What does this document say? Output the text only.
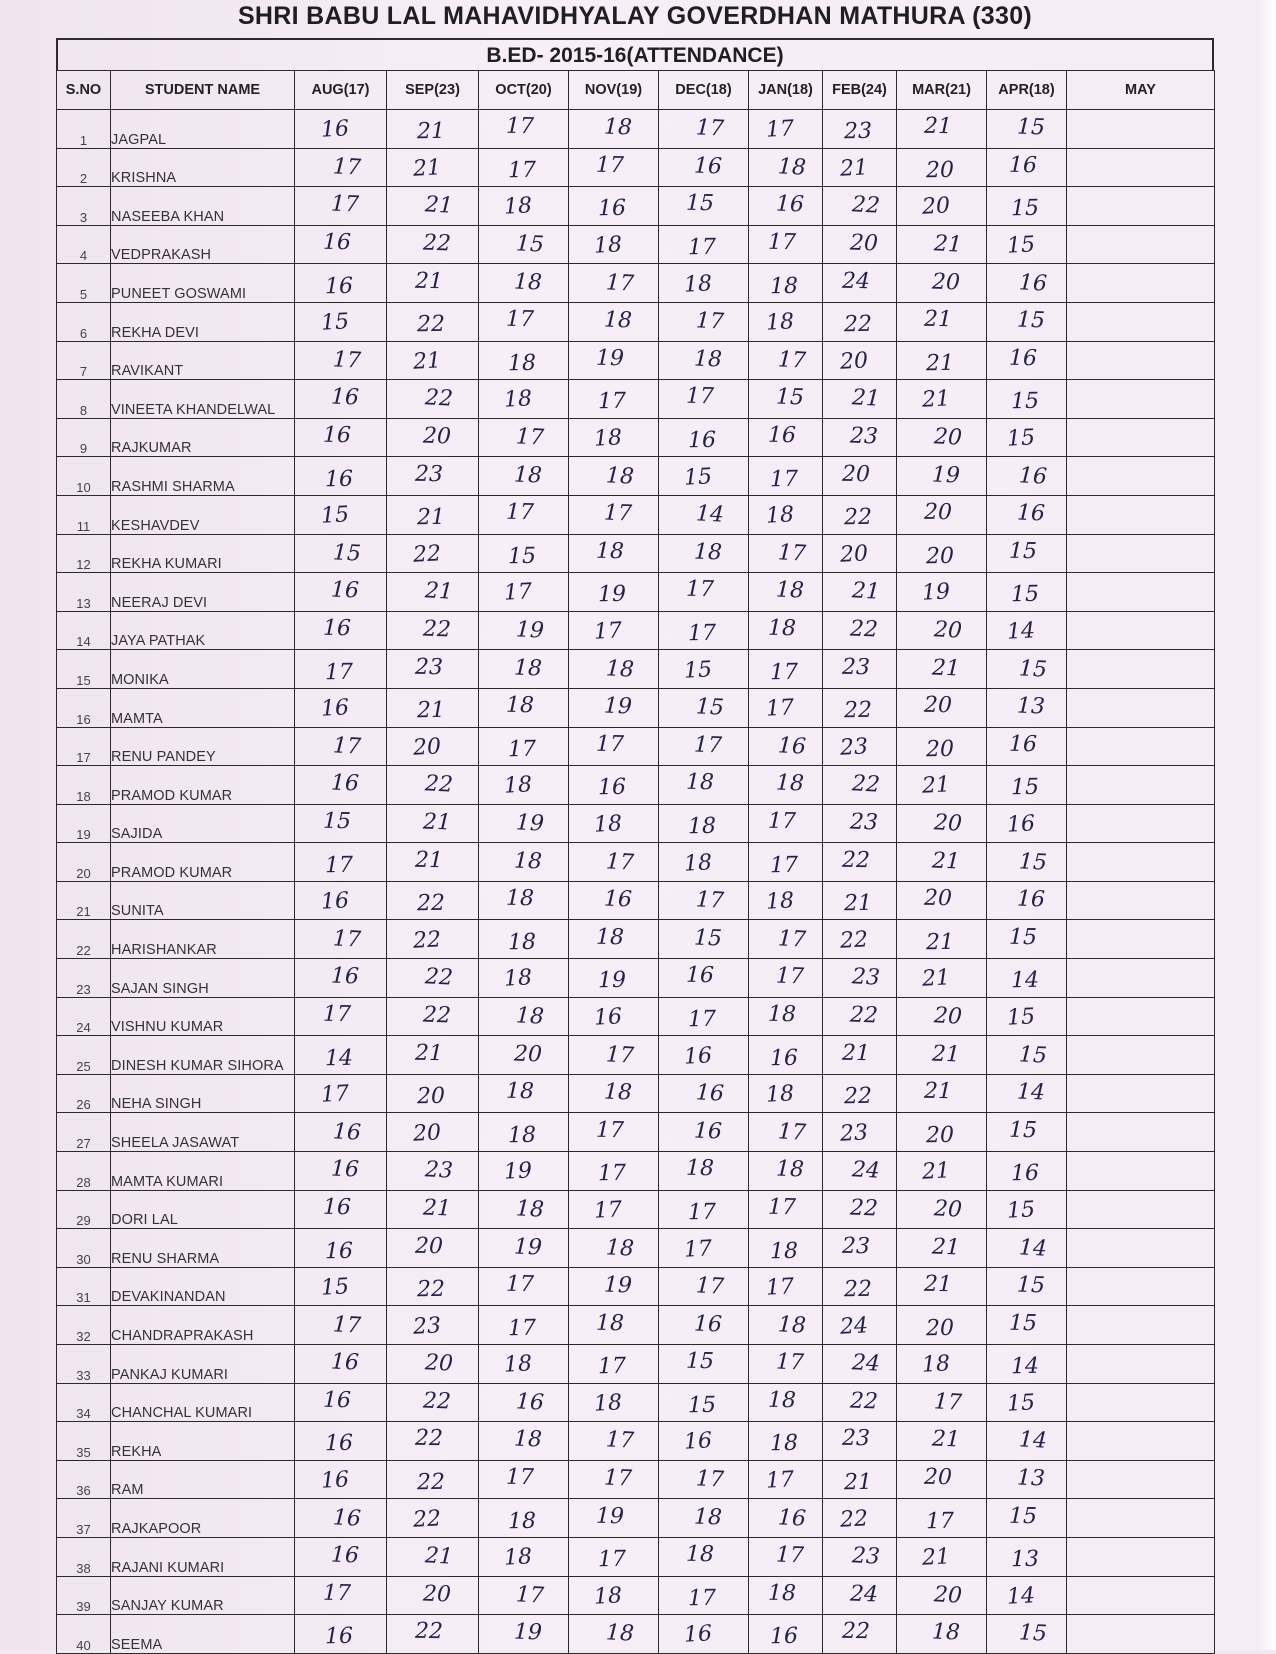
SHRI BABU LAL MAHAVIDHYALAY GOVERDHAN MATHURA (330)
B.ED- 2015-16(ATTENDANCE)
S.NO	STUDENT NAME	AUG(17)	SEP(23)	OCT(20)	NOV(19)	DEC(18)	JAN(18)	FEB(24)	MAR(21)	APR(18)	MAY
1	JAGPAL	16	21	17	18	17	17	23	21	15	
2	KRISHNA	17	21	17	17	16	18	21	20	16	
3	NASEEBA KHAN	17	21	18	16	15	16	22	20	15	
4	VEDPRAKASH	16	22	15	18	17	17	20	21	15	
5	PUNEET GOSWAMI	16	21	18	17	18	18	24	20	16	
6	REKHA DEVI	15	22	17	18	17	18	22	21	15	
7	RAVIKANT	17	21	18	19	18	17	20	21	16	
8	VINEETA KHANDELWAL	16	22	18	17	17	15	21	21	15	
9	RAJKUMAR	16	20	17	18	16	16	23	20	15	
10	RASHMI SHARMA	16	23	18	18	15	17	20	19	16	
11	KESHAVDEV	15	21	17	17	14	18	22	20	16	
12	REKHA KUMARI	15	22	15	18	18	17	20	20	15	
13	NEERAJ DEVI	16	21	17	19	17	18	21	19	15	
14	JAYA PATHAK	16	22	19	17	17	18	22	20	14	
15	MONIKA	17	23	18	18	15	17	23	21	15	
16	MAMTA	16	21	18	19	15	17	22	20	13	
17	RENU PANDEY	17	20	17	17	17	16	23	20	16	
18	PRAMOD KUMAR	16	22	18	16	18	18	22	21	15	
19	SAJIDA	15	21	19	18	18	17	23	20	16	
20	PRAMOD KUMAR	17	21	18	17	18	17	22	21	15	
21	SUNITA	16	22	18	16	17	18	21	20	16	
22	HARISHANKAR	17	22	18	18	15	17	22	21	15	
23	SAJAN SINGH	16	22	18	19	16	17	23	21	14	
24	VISHNU KUMAR	17	22	18	16	17	18	22	20	15	
25	DINESH KUMAR SIHORA	14	21	20	17	16	16	21	21	15	
26	NEHA SINGH	17	20	18	18	16	18	22	21	14	
27	SHEELA JASAWAT	16	20	18	17	16	17	23	20	15	
28	MAMTA KUMARI	16	23	19	17	18	18	24	21	16	
29	DORI LAL	16	21	18	17	17	17	22	20	15	
30	RENU SHARMA	16	20	19	18	17	18	23	21	14	
31	DEVAKINANDAN	15	22	17	19	17	17	22	21	15	
32	CHANDRAPRAKASH	17	23	17	18	16	18	24	20	15	
33	PANKAJ KUMARI	16	20	18	17	15	17	24	18	14	
34	CHANCHAL KUMARI	16	22	16	18	15	18	22	17	15	
35	REKHA	16	22	18	17	16	18	23	21	14	
36	RAM	16	22	17	17	17	17	21	20	13	
37	RAJKAPOOR	16	22	18	19	18	16	22	17	15	
38	RAJANI KUMARI	16	21	18	17	18	17	23	21	13	
39	SANJAY KUMAR	17	20	17	18	17	18	24	20	14	
40	SEEMA	16	22	19	18	16	16	22	18	15	
